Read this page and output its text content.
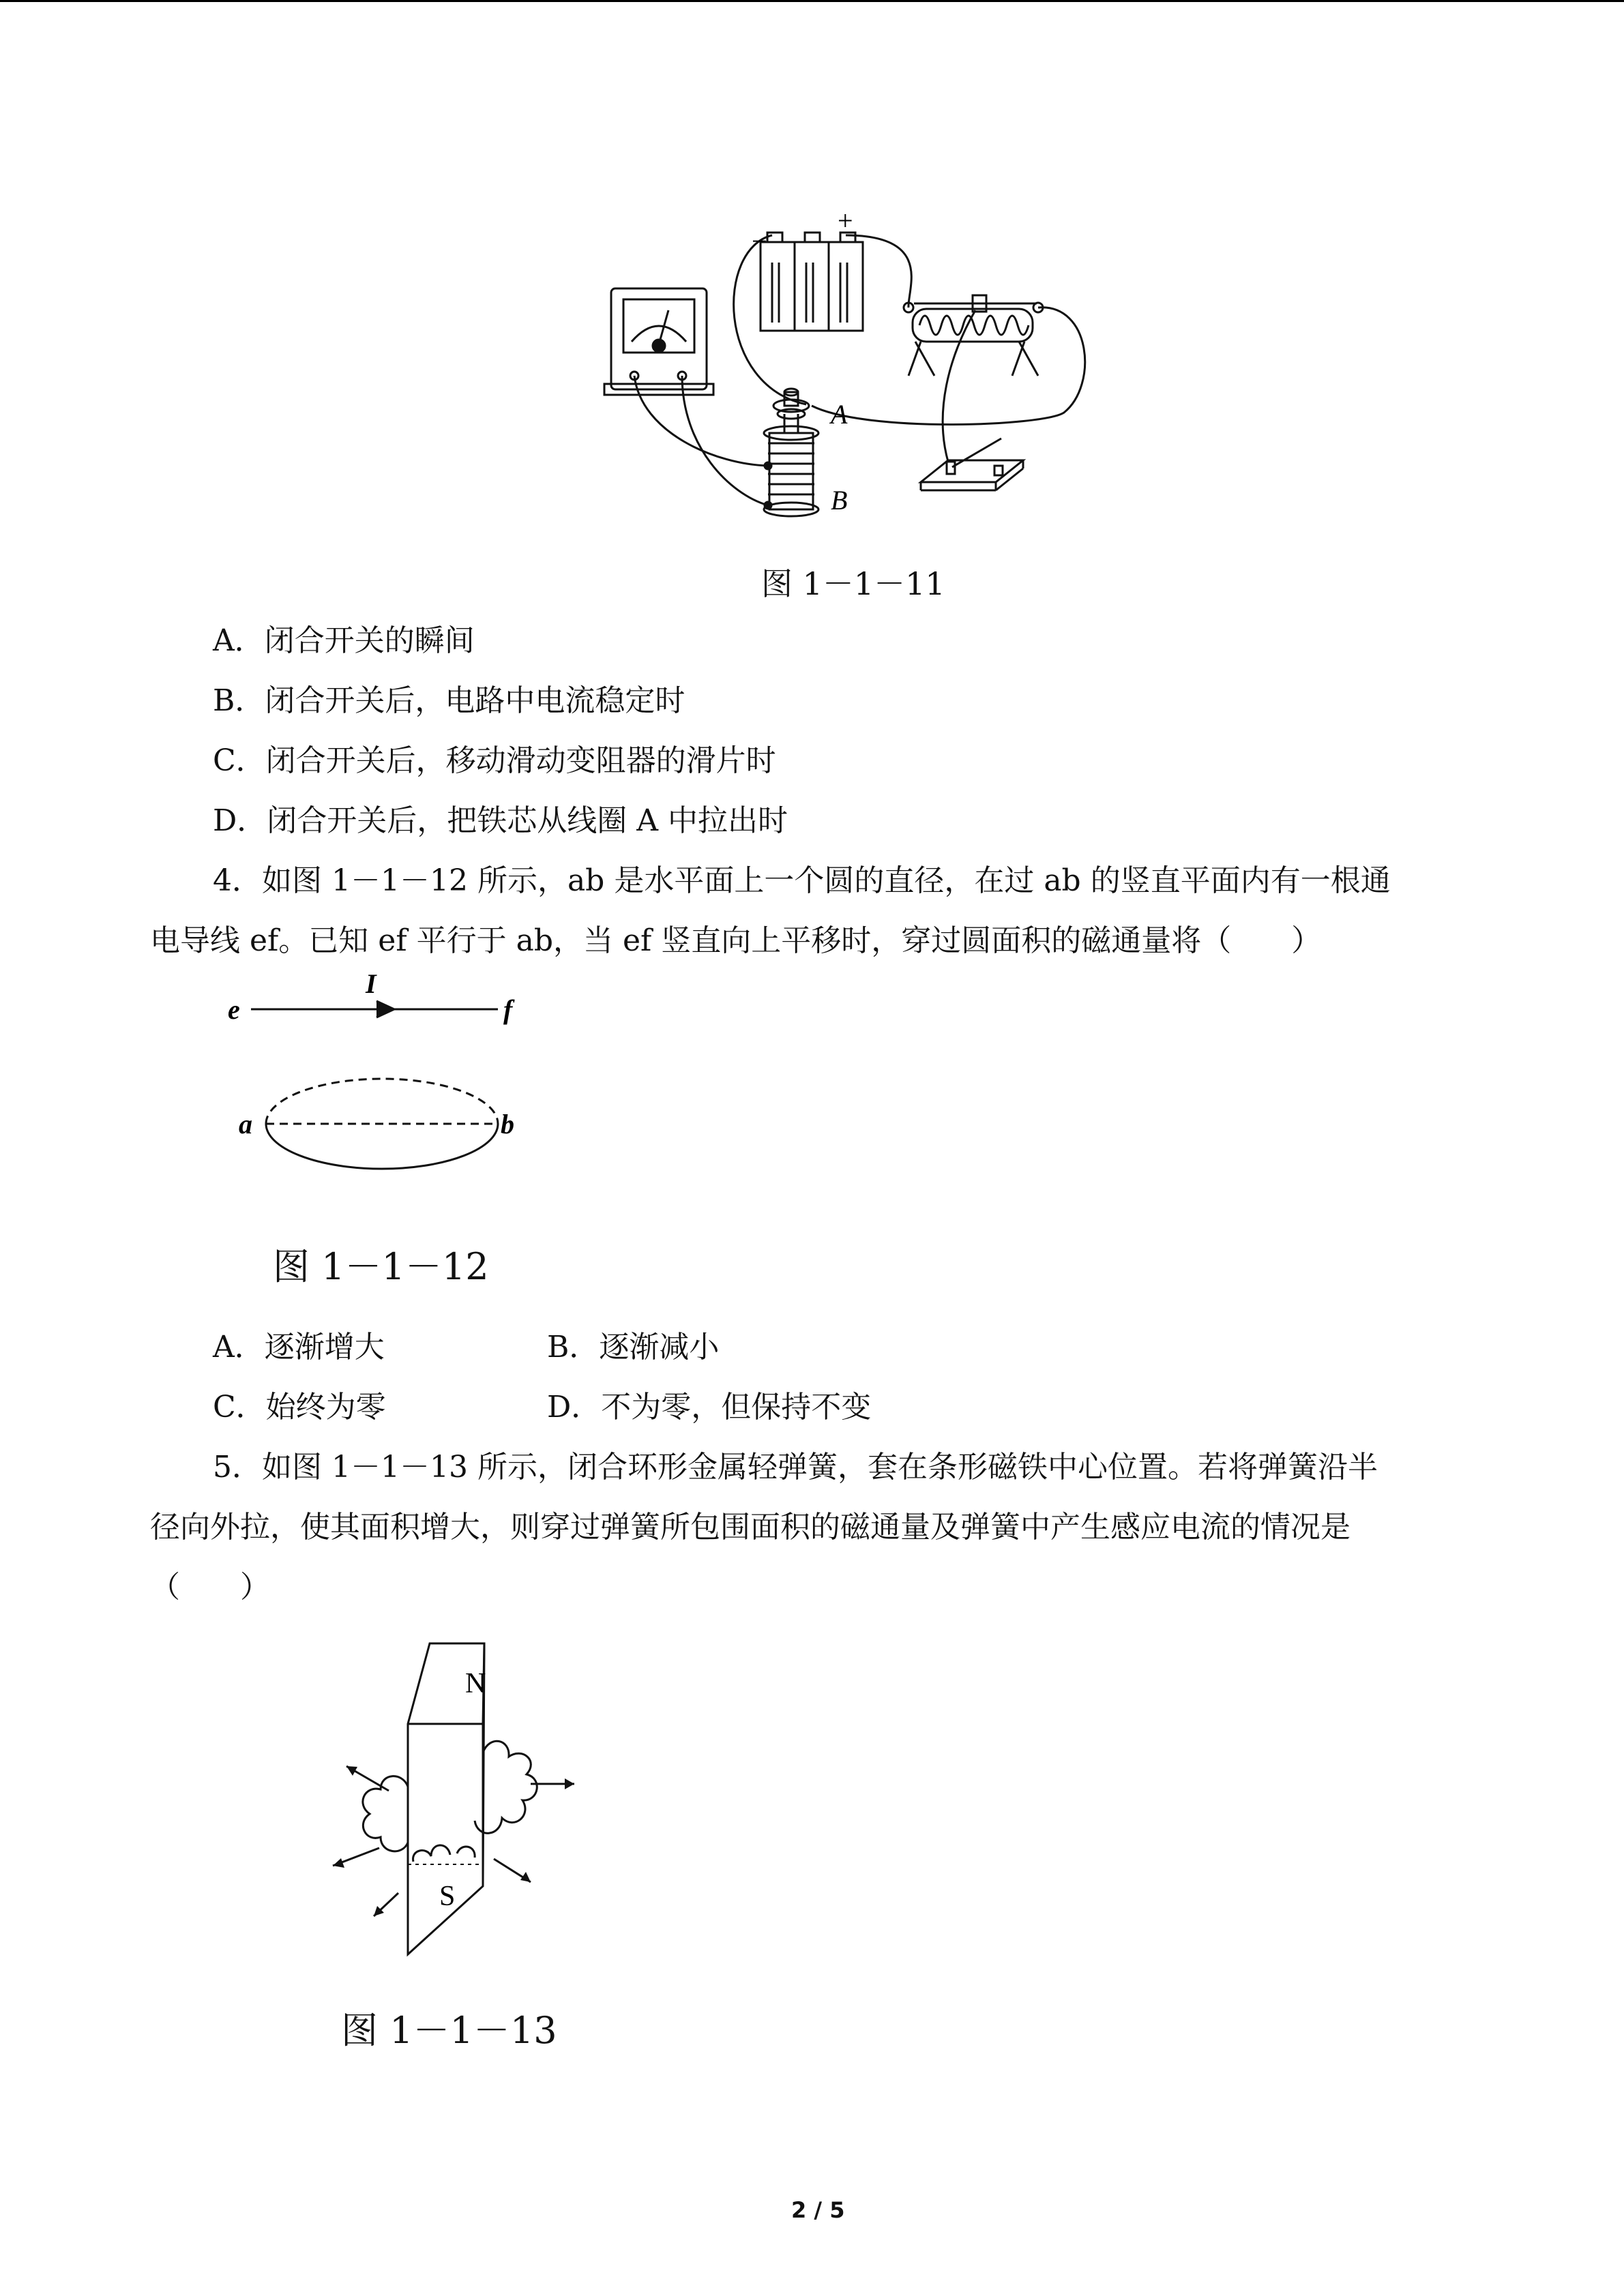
−
+
A
B
图 1－1－11
A．闭合开关的瞬间
B．闭合开关后，电路中电流稳定时
C．闭合开关后，移动滑动变阻器的滑片时
D．闭合开关后，把铁芯从线圈 A 中拉出时
4．如图 1－1－12 所示，ab 是水平面上一个圆的直径，在过 ab 的竖直平面内有一根通
电导线 ef。已知 ef 平行于 ab，当 ef 竖直向上平移时，穿过圆面积的磁通量将（　　）
e
I
f
a	b
图 1－1－12
A．逐渐增大	B．逐渐减小
C．始终为零	D．不为零，但保持不变
5．如图 1－1－13 所示，闭合环形金属轻弹簧，套在条形磁铁中心位置。若将弹簧沿半
径向外拉，使其面积增大，则穿过弹簧所包围面积的磁通量及弹簧中产生感应电流的情况是
（　　）
N
S
图 1－1－13
2 / 5
